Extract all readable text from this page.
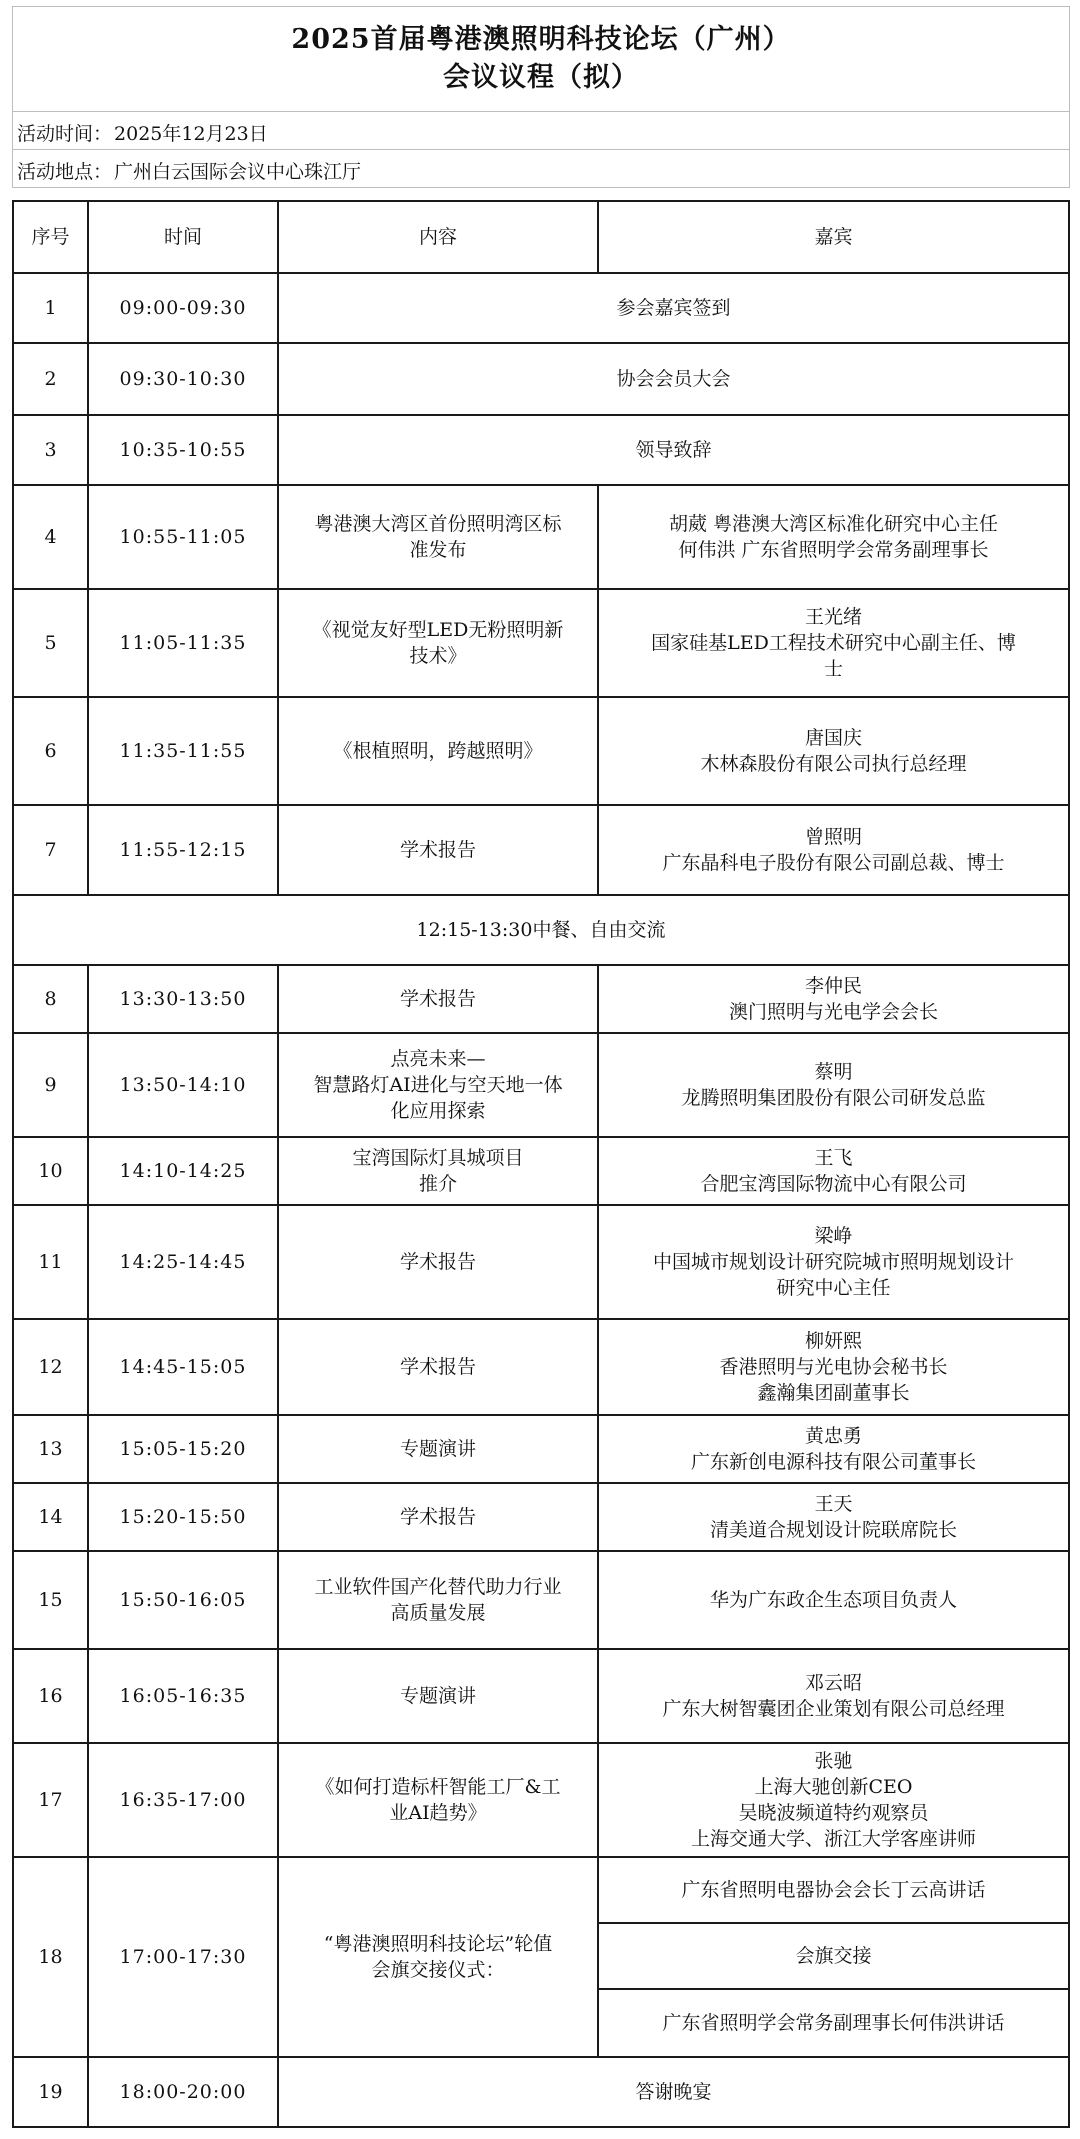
2025首届粤港澳照明科技论坛（广州）
会议议程（拟）
活动时间： 2025年12月23日
活动地点： 广州白云国际会议中心珠江厅
序号	时间	内容	嘉宾
1	09:00-09:30	参会嘉宾签到	
2	09:30-10:30	协会会员大会	
3	10:35-10:55	领导致辞	
4	10:55-11:05	粤港澳大湾区首份照明湾区标
准发布	胡葳 粤港澳大湾区标准化研究中心主任
何伟洪 广东省照明学会常务副理事长

5	11:05-11:35	《视觉友好型LED无粉照明新
技术》	王光绪
国家硅基LED工程技术研究中心副主任、博
士

6	11:35-11:55	《根植照明，跨越照明》	唐国庆
木林森股份有限公司执行总经理

7	11:55-12:15	学术报告	曾照明
广东晶科电子股份有限公司副总裁、博士

12:15-13:30中餐、自由交流			
8	13:30-13:50	学术报告	李仲民
澳门照明与光电学会会长

9	13:50-14:10	点亮未来—
智慧路灯AI进化与空天地一体
化应用探索	蔡明
龙腾照明集团股份有限公司研发总监

10	14:10-14:25	宝湾国际灯具城项目
推介	王飞
合肥宝湾国际物流中心有限公司

11	14:25-14:45	学术报告	梁峥
中国城市规划设计研究院城市照明规划设计
研究中心主任

12	14:45-15:05	学术报告	柳妍熙
香港照明与光电协会秘书长
鑫瀚集团副董事长

13	15:05-15:20	专题演讲	黄忠勇
广东新创电源科技有限公司董事长

14	15:20-15:50	学术报告	王天
清美道合规划设计院联席院长

15	15:50-16:05	工业软件国产化替代助力行业
高质量发展	华为广东政企生态项目负责人

16	16:05-16:35	专题演讲	邓云昭
广东大树智囊团企业策划有限公司总经理

17	16:35-17:00	《如何打造标杆智能工厂&工
业AI趋势》	张驰
上海大驰创新CEO
吴晓波频道特约观察员
上海交通大学、浙江大学客座讲师

18	17:00-17:30	“粤港澳照明科技论坛”轮值
会旗交接仪式：	广东省照明电器协会会长丁云高讲话
			会旗交接
			广东省照明学会常务副理事长何伟洪讲话
19	18:00-20:00	答谢晚宴	
